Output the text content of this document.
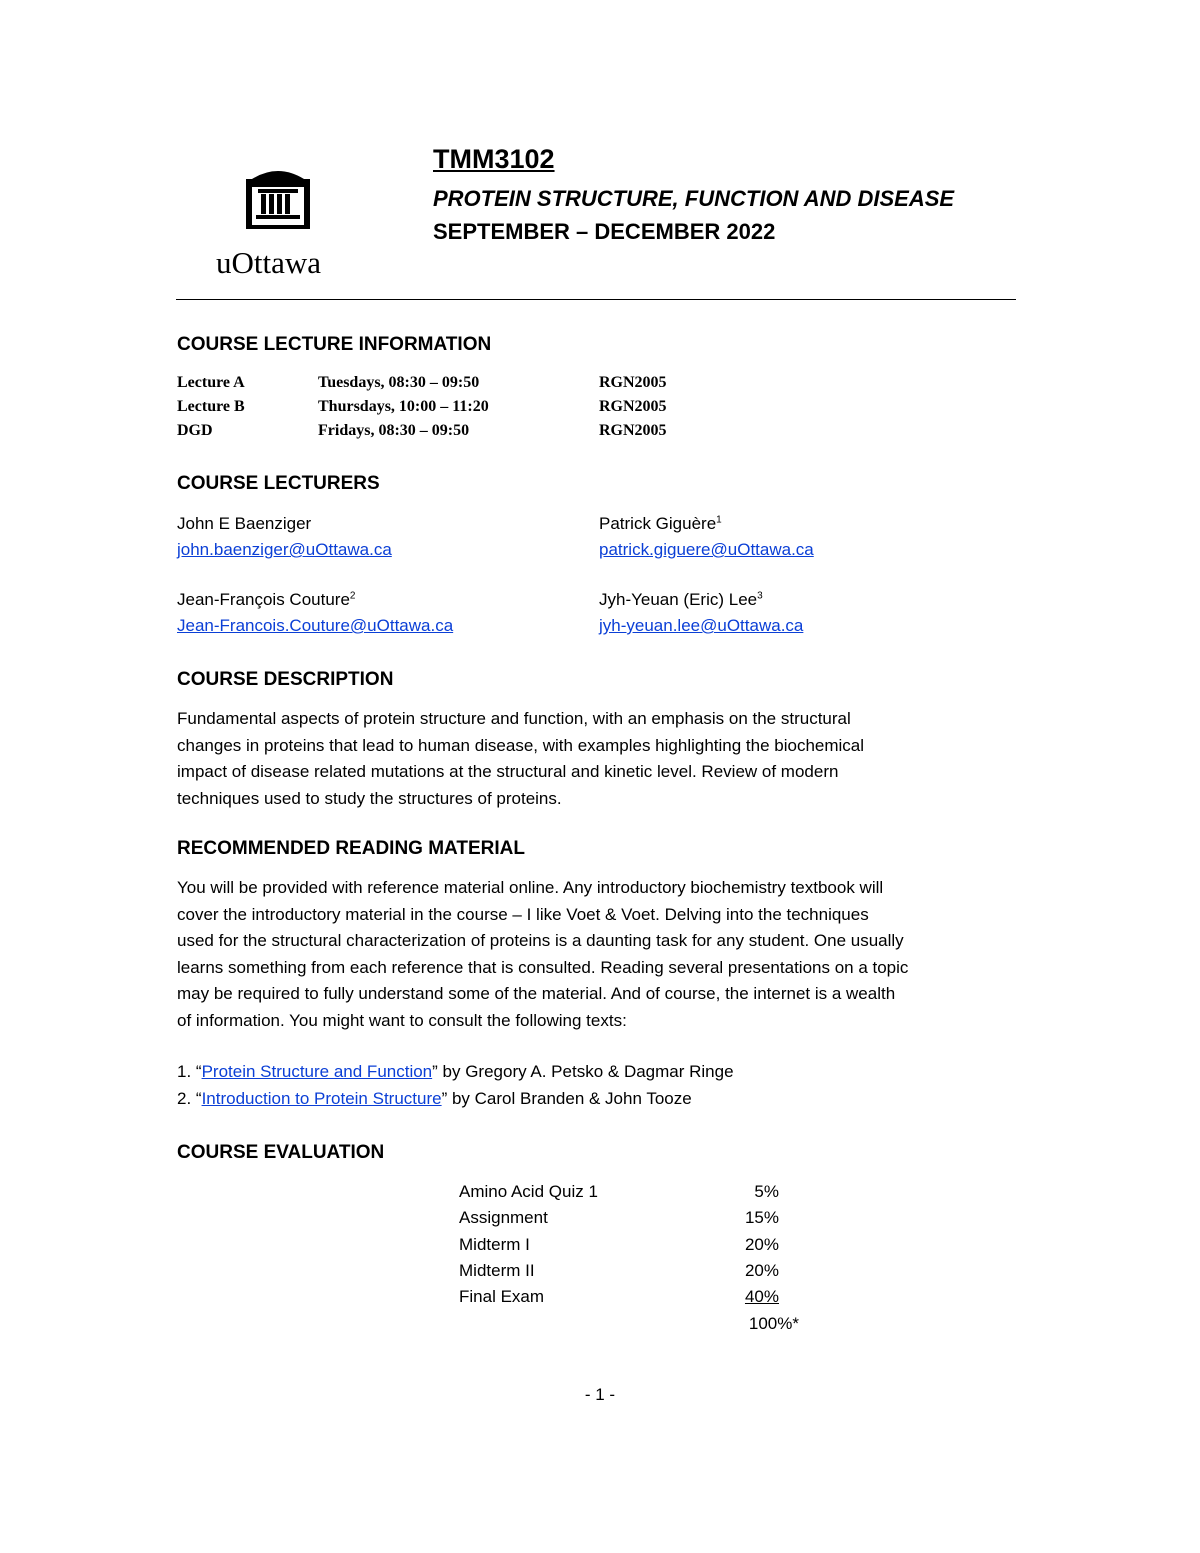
uOttawa
TMM3102
PROTEIN STRUCTURE, FUNCTION AND DISEASE
SEPTEMBER – DECEMBER 2022
COURSE LECTURE INFORMATION
Lecture A	Tuesdays, 08:30 – 09:50	RGN2005
Lecture B	Thursdays, 10:00 – 11:20	RGN2005
DGD	Fridays, 08:30 – 09:50	RGN2005
COURSE LECTURERS
John E Baenziger
john.baenziger@uOttawa.ca
Patrick Giguère$^1$
patrick.giguere@uOttawa.ca
Jean-François Couture$^2$
Jean-Francois.Couture@uOttawa.ca
Jyh-Yeuan (Eric) Lee$^3$
jyh-yeuan.lee@uOttawa.ca
COURSE DESCRIPTION
Fundamental aspects of protein structure and function, with an emphasis on the structural
changes in proteins that lead to human disease, with examples highlighting the biochemical
impact of disease related mutations at the structural and kinetic level. Review of modern
techniques used to study the structures of proteins.
RECOMMENDED READING MATERIAL
You will be provided with reference material online. Any introductory biochemistry textbook will
cover the introductory material in the course – I like Voet & Voet. Delving into the techniques
used for the structural characterization of proteins is a daunting task for any student. One usually
learns something from each reference that is consulted. Reading several presentations on a topic
may be required to fully understand some of the material. And of course, the internet is a wealth
of information. You might want to consult the following texts:
1. “Protein Structure and Function” by Gregory A. Petsko & Dagmar Ringe
2. “Introduction to Protein Structure” by Carol Branden & John Tooze
COURSE EVALUATION
Amino Acid Quiz 1	5%
Assignment	15%
Midterm I	20%
Midterm II	20%
Final Exam	40%
100%*
- 1 -
